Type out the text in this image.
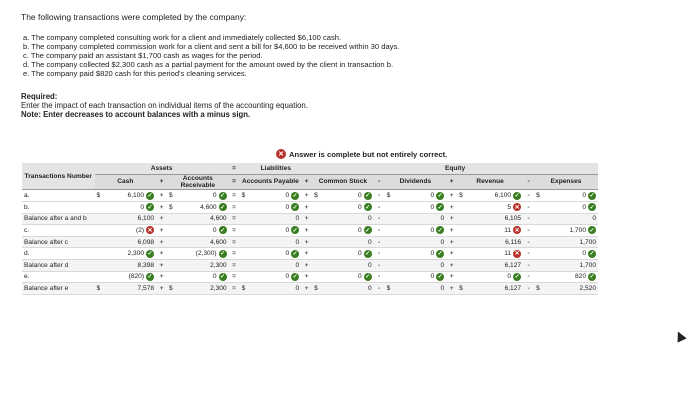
The following transactions were completed by the company:
a. The company completed consulting work for a client and immediately collected $6,100 cash.
b. The company completed commission work for a client and sent a bill for $4,600 to be received within 30 days.
c. The company paid an assistant $1,700 cash as wages for the period.
d. The company collected $2,300 cash as a partial payment for the amount owed by the client in transaction b.
e. The company paid $820 cash for this period's cleaning services.
Required:
Enter the impact of each transaction on individual items of the accounting equation.
Note: Enter decreases to account balances with a minus sign.
✕ Answer is complete but not entirely correct.
Transactions Number	Assets					=	Liabilities			Equity										
	Cash		+	Accounts Receivable		=	Accounts Payable		+	Common Stock		-	Dividends		+	Revenue		-	Expenses	
a.	$	6,100 ✓	+	$	0 ✓	=	$	0 ✓	+	$	0 ✓	-	$	0 ✓	+	$	6,100 ✓	-	$	0 ✓

b.		0 ✓	+	$	4,600 ✓	=		0 ✓	+		0 ✓	-		0 ✓	+		5 ✕	-		0 ✓

Balance after a and b		6,100	+		4,600	=		0	+		0	-		0	+		6,105	-		0

c.		(2) ✕	+		0 ✓	=		0 ✓	+		0 ✓	-		0 ✓	+		11 ✕	-		1,700 ✓

Balance after c		6,098	+		4,600	=		0	+		0	-		0	+		6,116	-		1,700

d.		2,300 ✓	+		(2,300) ✓	=		0 ✓	+		0 ✓	-		0 ✓	+		11 ✕	-		0 ✓

Balance after d		8,398	+		2,300	=		0	+		0	-		0	+		6,127	-		1,700

e.		(820) ✓	+		0 ✓	=		0 ✓	+		0 ✓	-		0 ✓	+		0 ✓	-		820 ✓

Balance after e	$	7,578	+	$	2,300	=	$	0	+	$	0	-	$	0	+	$	6,127	-	$	2,520
